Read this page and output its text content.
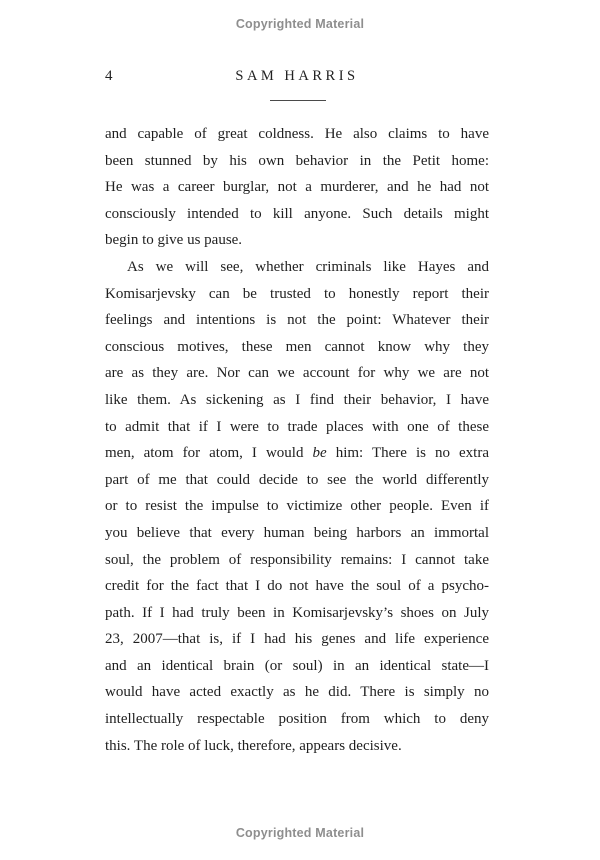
Copyrighted Material
4	SAM HARRIS
and capable of great coldness. He also claims to have
been stunned by his own behavior in the Petit home:
He was a career burglar, not a murderer, and he had not
consciously intended to kill anyone. Such details might
begin to give us pause.
As we will see, whether criminals like Hayes and
Komisarjevsky can be trusted to honestly report their
feelings and intentions is not the point: Whatever their
conscious motives, these men cannot know why they
are as they are. Nor can we account for why we are not
like them. As sickening as I find their behavior, I have
to admit that if I were to trade places with one of these
men, atom for atom, I would be him: There is no extra
part of me that could decide to see the world differently
or to resist the impulse to victimize other people. Even if
you believe that every human being harbors an immortal
soul, the problem of responsibility remains: I cannot take
credit for the fact that I do not have the soul of a psycho-
path. If I had truly been in Komisarjevsky’s shoes on July
23, 2007—that is, if I had his genes and life experience
and an identical brain (or soul) in an identical state—I
would have acted exactly as he did. There is simply no
intellectually respectable position from which to deny
this. The role of luck, therefore, appears decisive.
Copyrighted Material
